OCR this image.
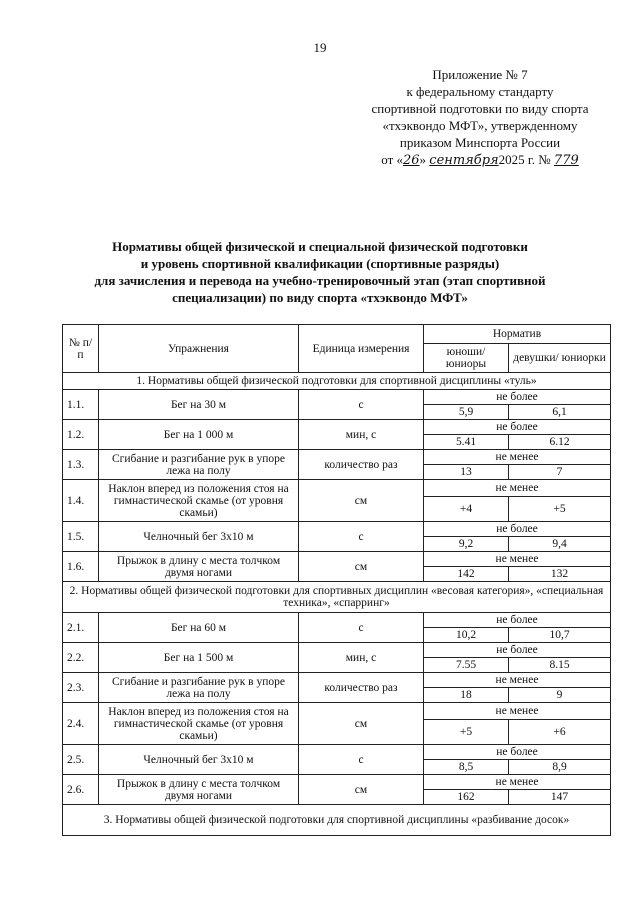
19
Приложение № 7
к федеральному стандарту
спортивной подготовки по виду спорта
«тхэквондо МФТ», утвержденному
приказом Минспорта России
от «26» сентября2025 г. № 779
Нормативы общей физической и специальной физической подготовки
и уровень спортивной квалификации (спортивные разряды)
для зачисления и перевода на учебно-тренировочный этап (этап спортивной
специализации) по виду спорта «тхэквондо МФТ»
№ п/п	Упражнения	Единица измерения	Норматив	
			юноши/ юниоры	девушки/ юниорки
1. Нормативы общей физической подготовки для спортивной дисциплины «туль»				
1.1.	Бег на 30 м	с	не более	
			5,9	6,1
1.2.	Бег на 1 000 м	мин, с	не более	
			5.41	6.12
1.3.	Сгибание и разгибание рук в упоре лежа на полу	количество раз	не менее	
			13	7
1.4.	Наклон вперед из положения стоя на гимнастической скамье (от уровня скамьи)	см	не менее	
			+4	+5
1.5.	Челночный бег 3х10 м	с	не более	
			9,2	9,4
1.6.	Прыжок в длину с места толчком двумя ногами	см	не менее	
			142	132
2. Нормативы общей физической подготовки для спортивных дисциплин «весовая категория», «специальная техника», «спарринг»				
2.1.	Бег на 60 м	с	не более	
			10,2	10,7
2.2.	Бег на 1 500 м	мин, с	не более	
			7.55	8.15
2.3.	Сгибание и разгибание рук в упоре лежа на полу	количество раз	не менее	
			18	9
2.4.	Наклон вперед из положения стоя на гимнастической скамье (от уровня скамьи)	см	не менее	
			+5	+6
2.5.	Челночный бег 3х10 м	с	не более	
			8,5	8,9
2.6.	Прыжок в длину с места толчком двумя ногами	см	не менее	
			162	147
3. Нормативы общей физической подготовки для спортивной дисциплины «разбивание досок»				
